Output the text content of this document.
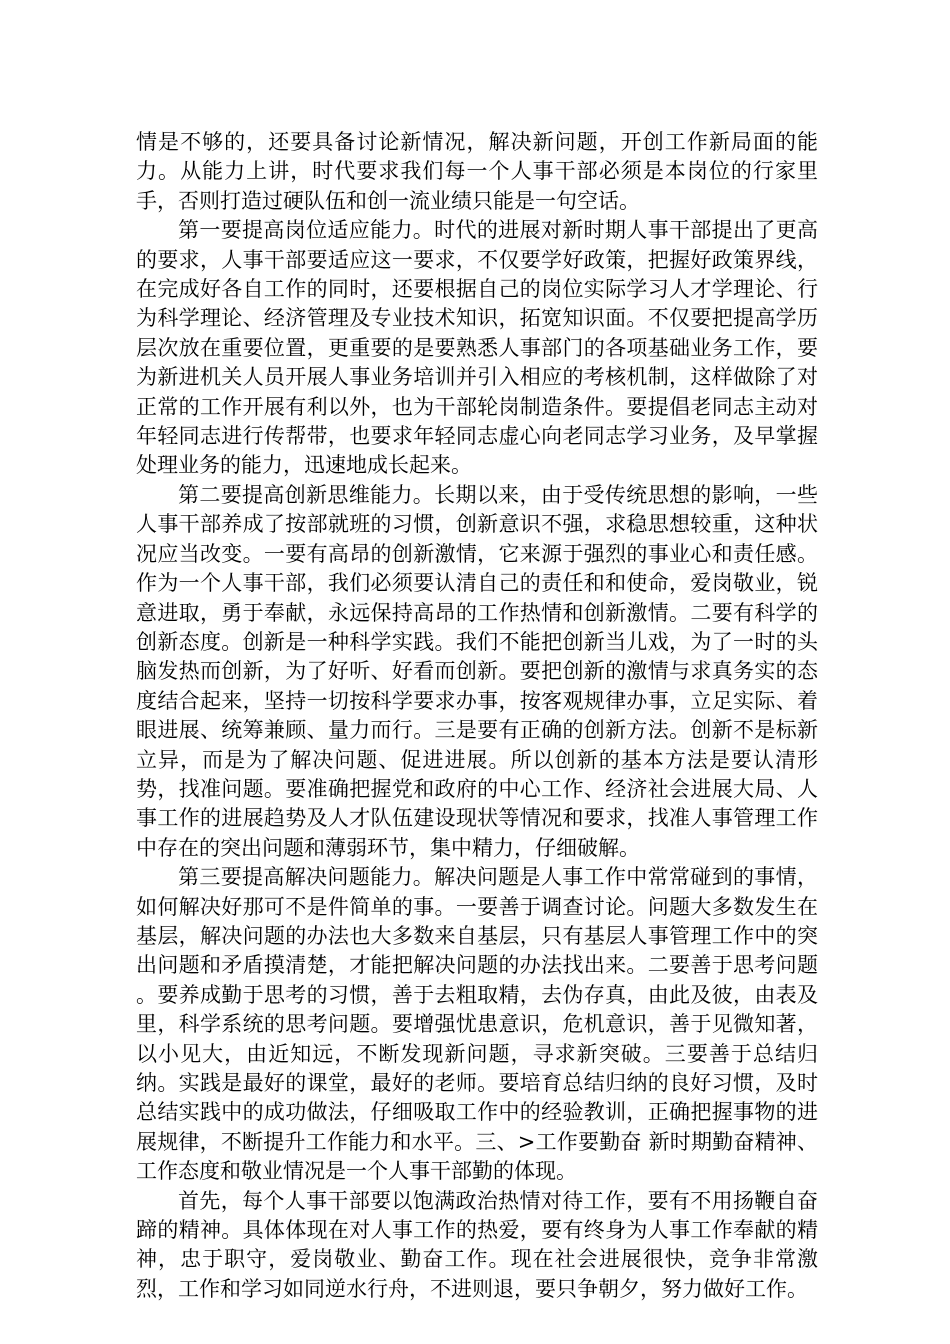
情是不够的，还要具备讨论新情况，解决新问题，开创工作新局面的能力。从能力上讲，时代要求我们每一个人事干部必须是本岗位的行家里手，否则打造过硬队伍和创一流业绩只能是一句空话。

第一要提高岗位适应能力。时代的进展对新时期人事干部提出了更高的要求，人事干部要适应这一要求，不仅要学好政策，把握好政策界线，在完成好各自工作的同时，还要根据自己的岗位实际学习人才学理论、行为科学理论、经济管理及专业技术知识，拓宽知识面。不仅要把提高学历层次放在重要位置，更重要的是要熟悉人事部门的各项基础业务工作，要为新进机关人员开展人事业务培训并引入相应的考核机制，这样做除了对正常的工作开展有利以外，也为干部轮岗制造条件。要提倡老同志主动对年轻同志进行传帮带，也要求年轻同志虚心向老同志学习业务，及早掌握处理业务的能力，迅速地成长起来。

第二要提高创新思维能力。长期以来，由于受传统思想的影响，一些人事干部养成了按部就班的习惯，创新意识不强，求稳思想较重，这种状况应当改变。一要有高昂的创新激情，它来源于强烈的事业心和责任感。作为一个人事干部，我们必须要认清自己的责任和和使命，爱岗敬业，锐意进取，勇于奉献，永远保持高昂的工作热情和创新激情。二要有科学的创新态度。创新是一种科学实践。我们不能把创新当儿戏，为了一时的头脑发热而创新，为了好听、好看而创新。要把创新的激情与求真务实的态度结合起来，坚持一切按科学要求办事，按客观规律办事，立足实际、着眼进展、统筹兼顾、量力而行。三是要有正确的创新方法。创新不是标新立异，而是为了解决问题、促进进展。所以创新的基本方法是要认清形势，找准问题。要准确把握党和政府的中心工作、经济社会进展大局、人事工作的进展趋势及人才队伍建设现状等情况和要求，找准人事管理工作中存在的突出问题和薄弱环节，集中精力，仔细破解。

第三要提高解决问题能力。解决问题是人事工作中常常碰到的事情，如何解决好那可不是件简单的事。一要善于调查讨论。问题大多数发生在基层，解决问题的办法也大多数来自基层，只有基层人事管理工作中的突出问题和矛盾摸清楚，才能把解决问题的办法找出来。二要善于思考问题 。要养成勤于思考的习惯，善于去粗取精，去伪存真，由此及彼，由表及里，科学系统的思考问题。要增强忧患意识，危机意识，善于见微知著，以小见大，由近知远，不断发现新问题，寻求新突破。三要善于总结归纳。实践是最好的课堂，最好的老师。要培育总结归纳的良好习惯，及时总结实践中的成功做法，仔细吸取工作中的经验教训，正确把握事物的进展规律，不断提升工作能力和水平。三、>工作要勤奋 新时期勤奋精神、工作态度和敬业情况是一个人事干部勤的体现。

首先，每个人事干部要以饱满政治热情对待工作，要有不用扬鞭自奋蹄的精神。具体体现在对人事工作的热爱，要有终身为人事工作奉献的精神，忠于职守，爱岗敬业、勤奋工作。现在社会进展很快，竞争非常激烈，工作和学习如同逆水行舟，不进则退，要只争朝夕，努力做好工作。
